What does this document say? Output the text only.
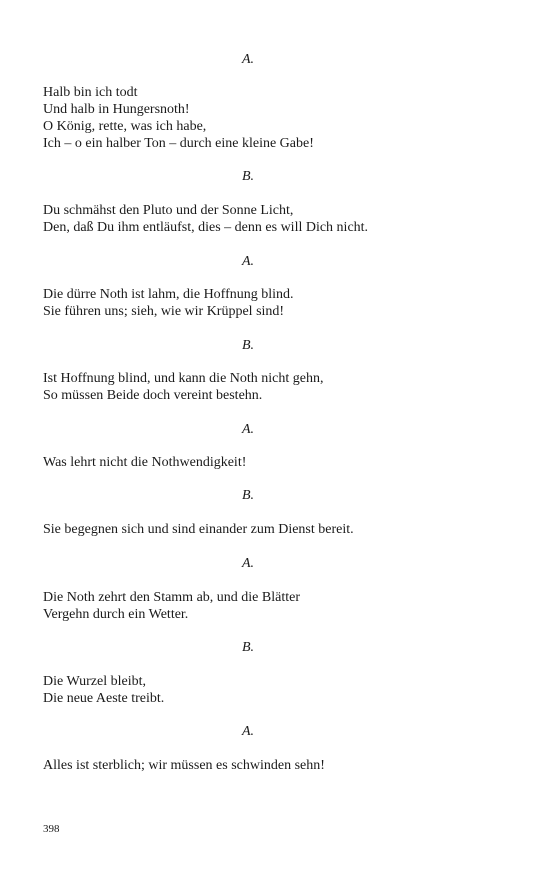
A.
Halb bin ich todt
Und halb in Hungersnoth!
O König, rette, was ich habe,
Ich – o ein halber Ton – durch eine kleine Gabe!
B.
Du schmähst den Pluto und der Sonne Licht,
Den, daß Du ihm entläufst, dies – denn es will Dich nicht.
A.
Die dürre Noth ist lahm, die Hoffnung blind.
Sie führen uns; sieh, wie wir Krüppel sind!
B.
Ist Hoffnung blind, und kann die Noth nicht gehn,
So müssen Beide doch vereint bestehn.
A.
Was lehrt nicht die Nothwendigkeit!
B.
Sie begegnen sich und sind einander zum Dienst bereit.
A.
Die Noth zehrt den Stamm ab, und die Blätter
Vergehn durch ein Wetter.
B.
Die Wurzel bleibt,
Die neue Aeste treibt.
A.
Alles ist sterblich; wir müssen es schwinden sehn!
398
